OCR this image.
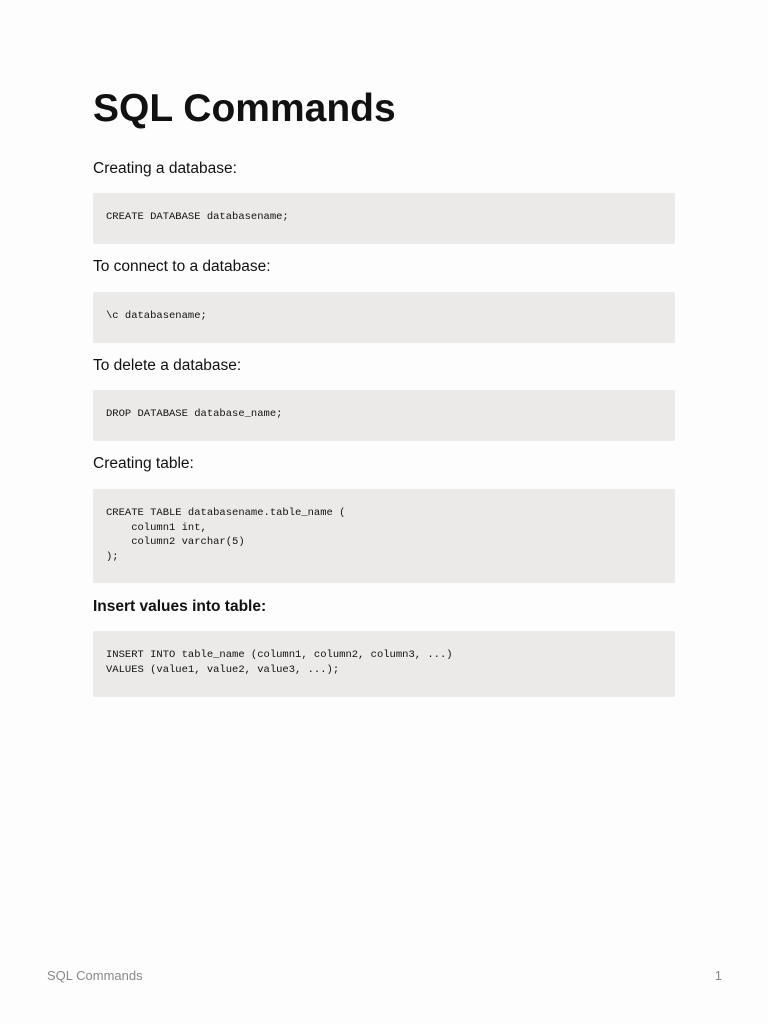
SQL Commands
Creating a database:
CREATE DATABASE databasename;
To connect to a database:
\c databasename;
To delete a database:
DROP DATABASE database_name;
Creating table:
CREATE TABLE databasename.table_name (
column1 int,
column2 varchar(5)
);
Insert values into table:
INSERT INTO table_name (column1, column2, column3, ...)
VALUES (value1, value2, value3, ...);
SQL Commands	1
